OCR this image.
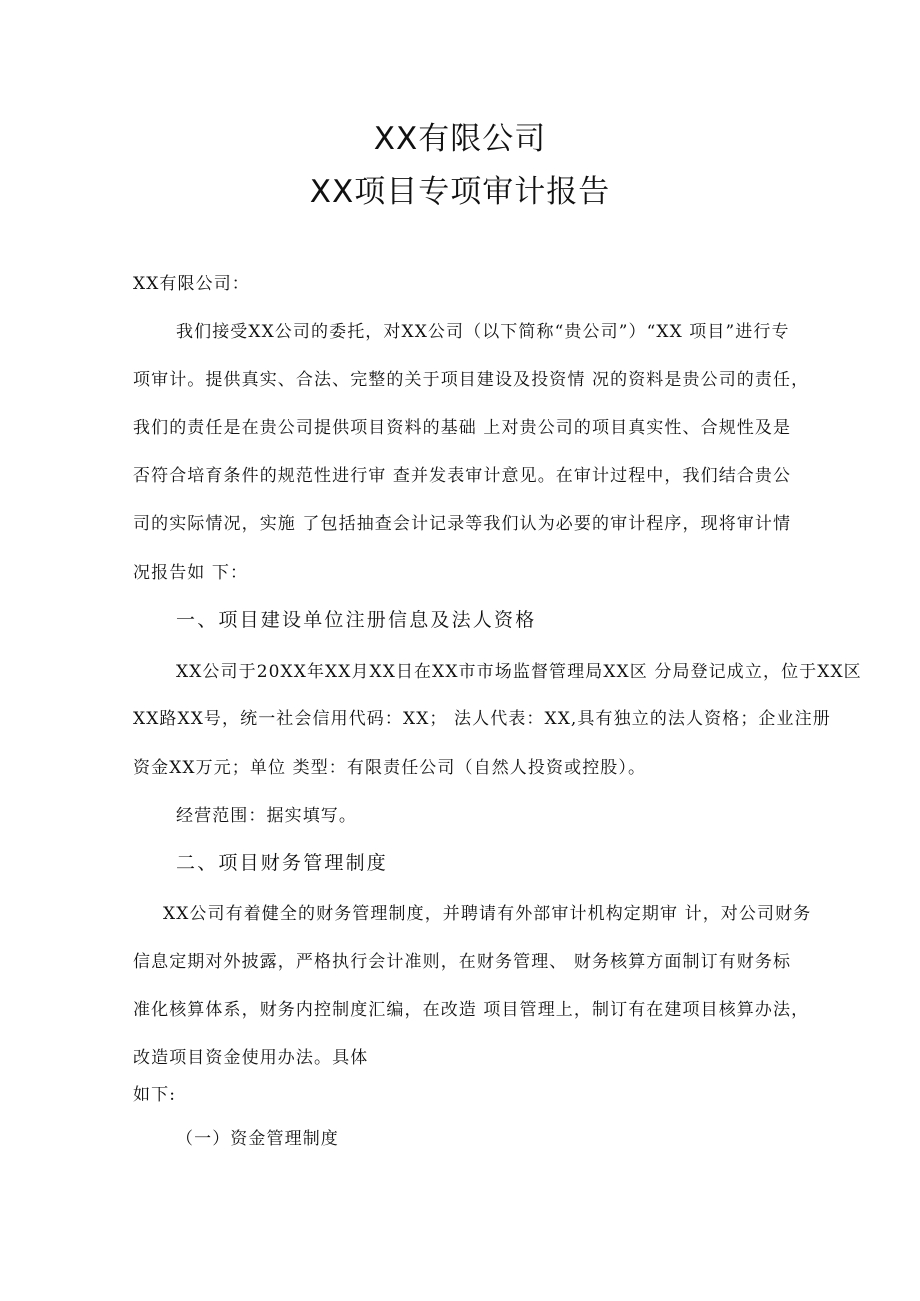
XX有限公司
XX项目专项审计报告
XX有限公司：
我们接受XX公司的委托，对XX公司（以下简称“贵公司”）“XX 项目”进行专
项审计。提供真实、合法、完整的关于项目建设及投资情 况的资料是贵公司的责任，
我们的责任是在贵公司提供项目资料的基础 上对贵公司的项目真实性、合规性及是
否符合培育条件的规范性进行审 查并发表审计意见。在审计过程中，我们结合贵公
司的实际情况，实施 了包括抽查会计记录等我们认为必要的审计程序，现将审计情
况报告如 下：
一、项目建设单位注册信息及法人资格
XX公司于20XX年XX月XX日在XX市市场监督管理局XX区 分局登记成立，位于XX区
XX路XX号，统一社会信用代码：XX； 法人代表：XX,具有独立的法人资格；企业注册
资金XX万元；单位 类型：有限责任公司（自然人投资或控股）。
经营范围：据实填写。
二、项目财务管理制度
XX公司有着健全的财务管理制度，并聘请有外部审计机构定期审 计，对公司财务
信息定期对外披露，严格执行会计准则，在财务管理、 财务核算方面制订有财务标
准化核算体系，财务内控制度汇编，在改造 项目管理上，制订有在建项目核算办法，
改造项目资金使用办法。具体
如下:
（一）资金管理制度
